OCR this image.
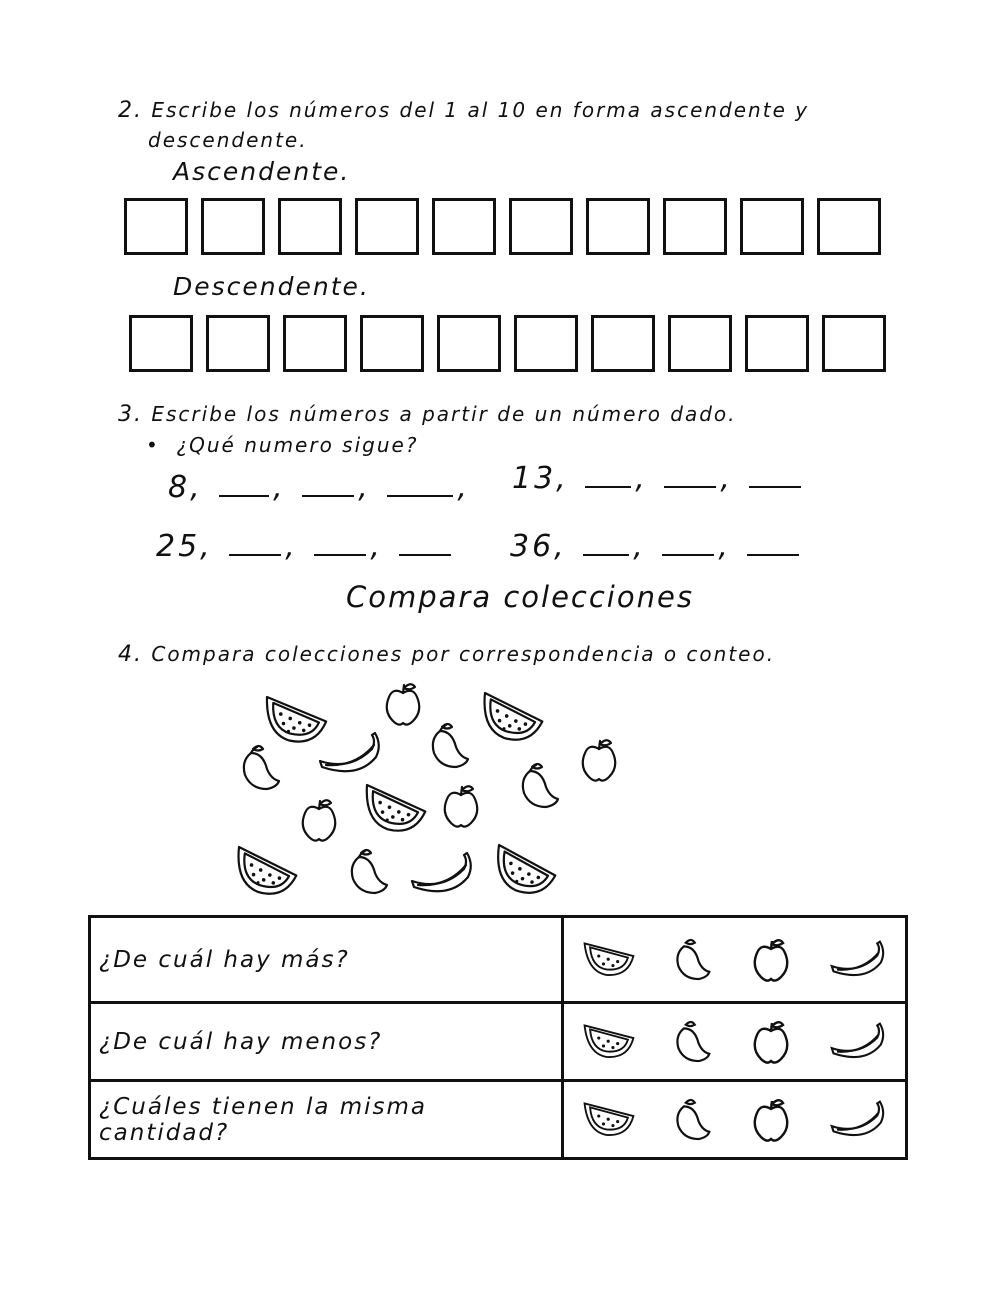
2. Escribe los números del 1 al 10 en forma ascendente y
descendente.
Ascendente.
Descendente.
3. Escribe los números a partir de un número dado.
•  ¿Qué numero sigue?
8, , ,	, 13, , ,
25, , ,	36, , ,
Compara colecciones
4. Compara colecciones por correspondencia o conteo.
¿De cuál hay más?	

¿De cuál hay menos?	

¿Cuáles tienen la misma cantidad?	
